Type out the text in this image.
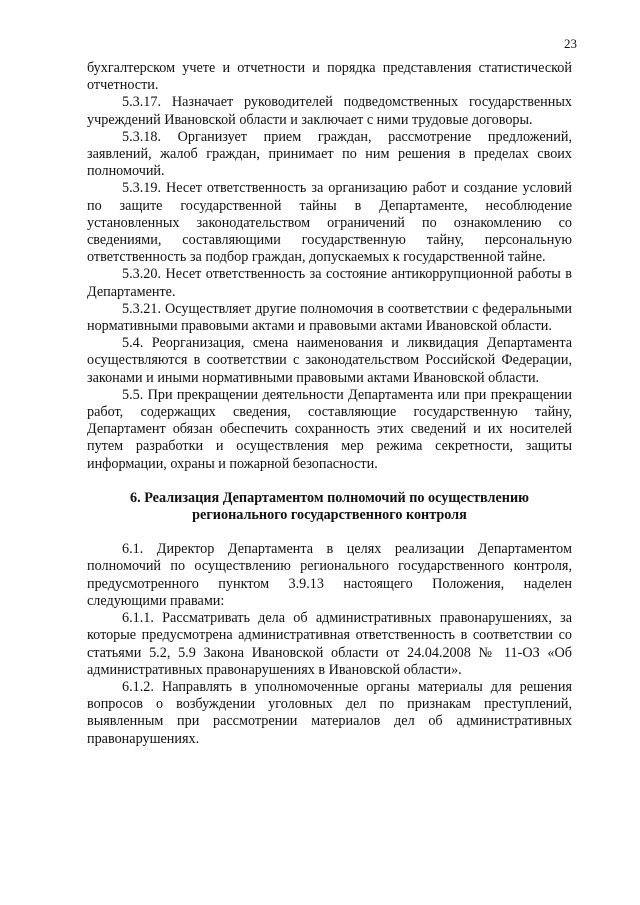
23

бухгалтерском учете и отчетности и порядка представления статистической отчетности.

5.3.17. Назначает руководителей подведомственных государственных учреждений Ивановской области и заключает с ними трудовые договоры.

5.3.18. Организует прием граждан, рассмотрение предложений, заявлений, жалоб граждан, принимает по ним решения в пределах своих полномочий.

5.3.19. Несет ответственность за организацию работ и создание условий по защите государственной тайны в Департаменте, несоблюдение установленных законодательством ограничений по ознакомлению со сведениями, составляющими государственную тайну, персональную ответственность за подбор граждан, допускаемых к государственной тайне.

5.3.20. Несет ответственность за состояние антикоррупционной работы в Департаменте.

5.3.21. Осуществляет другие полномочия в соответствии с федеральными нормативными правовыми актами и правовыми актами Ивановской области.

5.4. Реорганизация, смена наименования и ликвидация Департамента осуществляются в соответствии с законодательством Российской Федерации, законами и иными нормативными правовыми актами Ивановской области.

5.5. При прекращении деятельности Департамента или при прекращении работ, содержащих сведения, составляющие государственную тайну, Департамент обязан обеспечить сохранность этих сведений и их носителей путем разработки и осуществления мер режима секретности, защиты информации, охраны и пожарной безопасности.

6. Реализация Департаментом полномочий по осуществлению
регионального государственного контроля

6.1. Директор Департамента в целях реализации Департаментом полномочий по осуществлению регионального государственного контроля, предусмотренного пунктом 3.9.13 настоящего Положения, наделен следующими правами:

6.1.1. Рассматривать дела об административных правонарушениях, за которые предусмотрена административная ответственность в соответствии со статьями 5.2, 5.9 Закона Ивановской области от 24.04.2008 № 11-ОЗ «Об административных правонарушениях в Ивановской области».

6.1.2. Направлять в уполномоченные органы материалы для решения вопросов о возбуждении уголовных дел по признакам преступлений, выявленным при рассмотрении материалов дел об административных правонарушениях.
